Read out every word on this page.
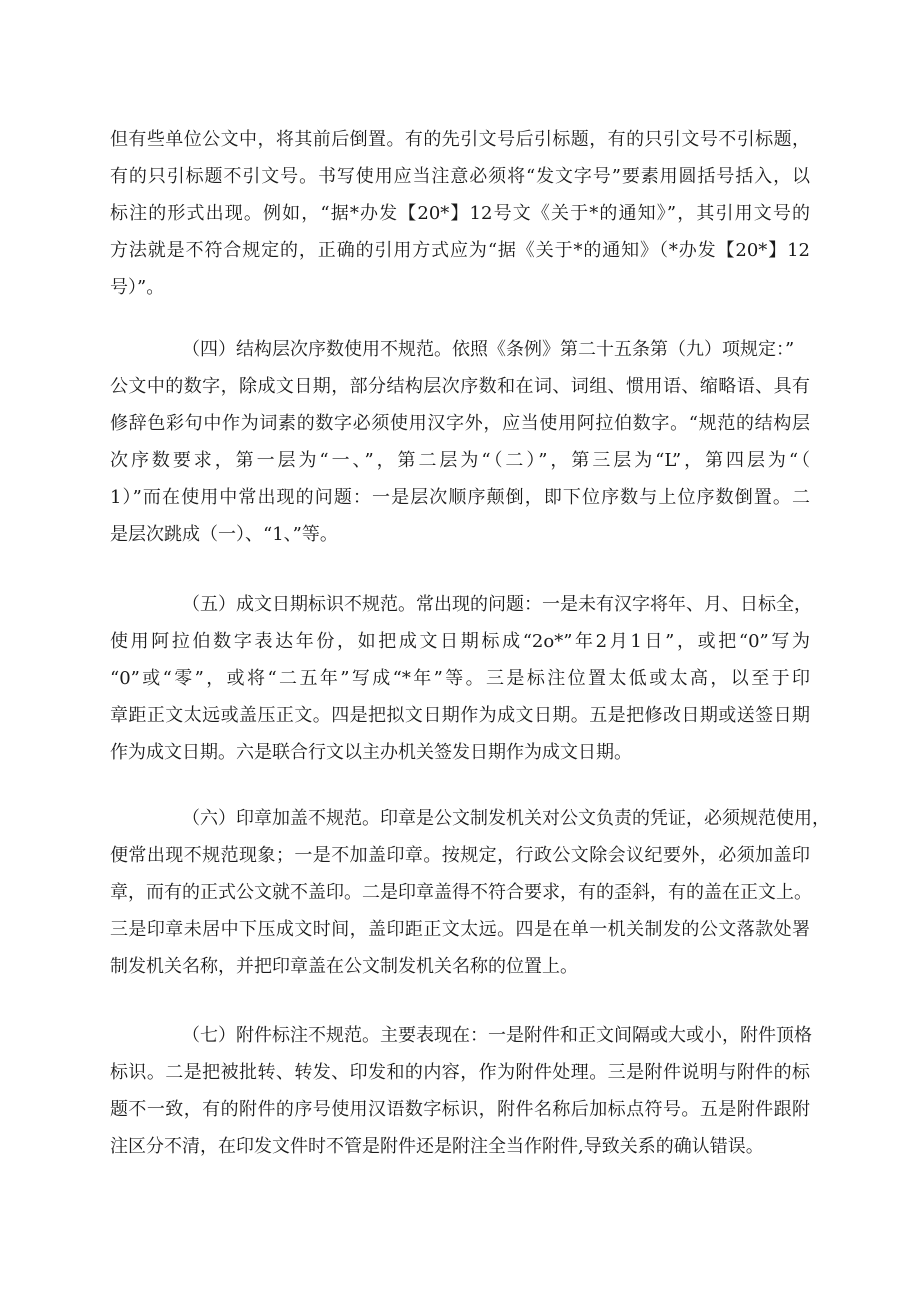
但有些单位公文中，将其前后倒置。有的先引文号后引标题，有的只引文号不引标题，
有的只引标题不引文号。书写使用应当注意必须将“发文字号”要素用圆括号括入，以
标注的形式出现。例如，“据*办发【20*】12号文《关于*的通知》”，其引用文号的
方法就是不符合规定的，正确的引用方式应为“据《关于*的通知》（*办发【20*】12
号）”。
（四）结构层次序数使用不规范。依照《条例》第二十五条第（九）项规定：”
公文中的数字，除成文日期，部分结构层次序数和在词、词组、惯用语、缩略语、具有
修辞色彩句中作为词素的数字必须使用汉字外，应当使用阿拉伯数字。“规范的结构层
次序数要求，第一层为“一、”，第二层为“（二）”，第三层为“L”，第四层为“（
1）”而在使用中常出现的问题：一是层次顺序颠倒，即下位序数与上位序数倒置。二
是层次跳成（一）、“1、”等。
（五）成文日期标识不规范。常出现的问题：一是未有汉字将年、月、日标全，
使用阿拉伯数字表达年份，如把成文日期标成“2o*”年2月1日”，或把“0”写为
“0”或“零”，或将“二五年”写成“*年”等。三是标注位置太低或太高，以至于印
章距正文太远或盖压正文。四是把拟文日期作为成文日期。五是把修改日期或送签日期
作为成文日期。六是联合行文以主办机关签发日期作为成文日期。
（六）印章加盖不规范。印章是公文制发机关对公文负责的凭证，必须规范使用，
便常出现不规范现象；一是不加盖印章。按规定，行政公文除会议纪要外，必须加盖印
章，而有的正式公文就不盖印。二是印章盖得不符合要求，有的歪斜，有的盖在正文上。
三是印章未居中下压成文时间，盖印距正文太远。四是在单一机关制发的公文落款处署
制发机关名称，并把印章盖在公文制发机关名称的位置上。
（七）附件标注不规范。主要表现在：一是附件和正文间隔或大或小，附件顶格
标识。二是把被批转、转发、印发和的内容，作为附件处理。三是附件说明与附件的标
题不一致，有的附件的序号使用汉语数字标识，附件名称后加标点符号。五是附件跟附
注区分不清，在印发文件时不管是附件还是附注全当作附件,导致关系的确认错误。
